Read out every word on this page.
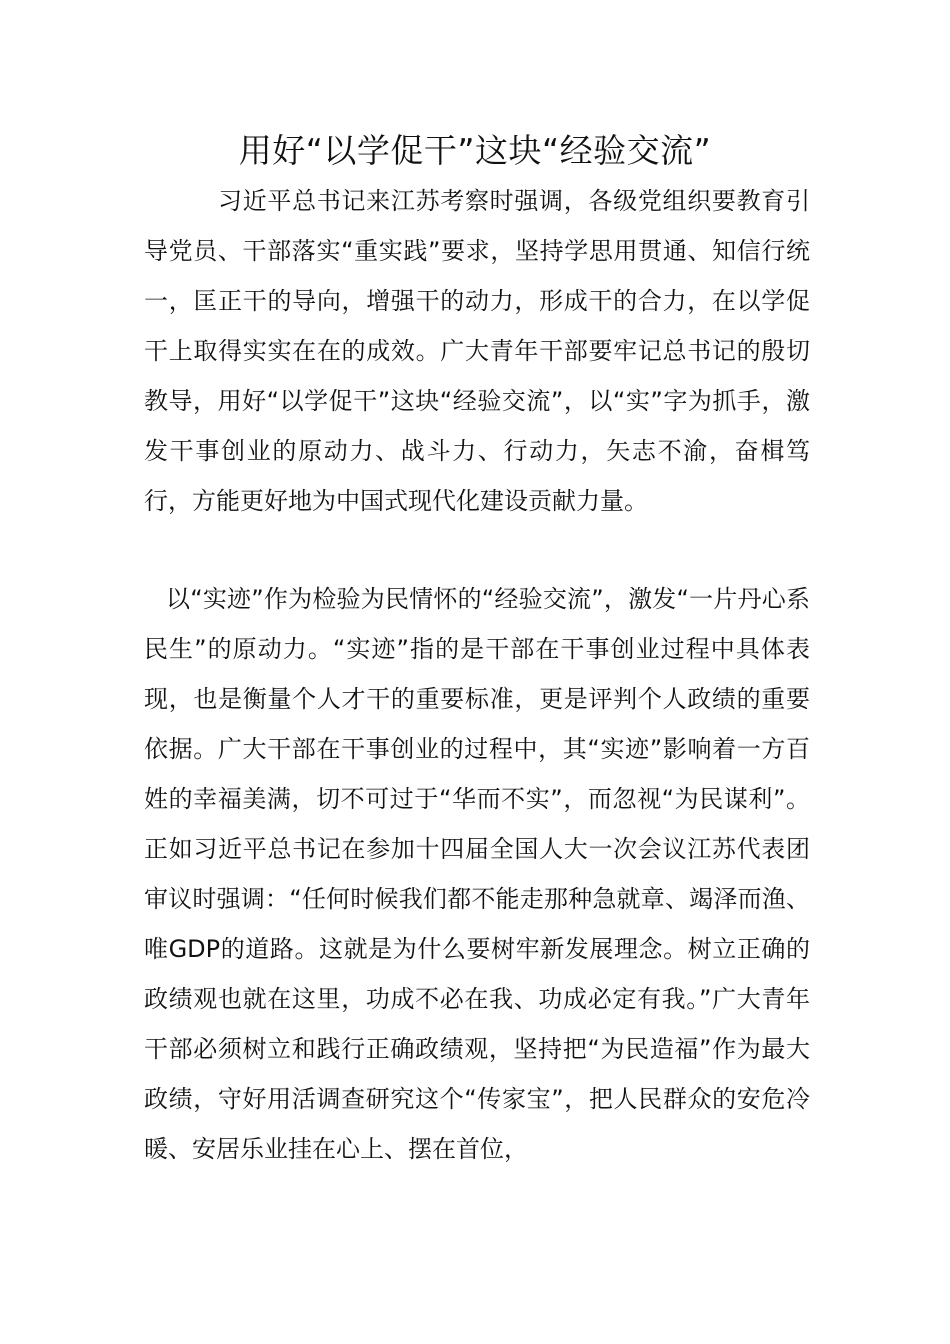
用好“以学促干”这块“经验交流”

习近平总书记来江苏考察时强调，各级党组织要教育引导党员、干部落实“重实践”要求，坚持学思用贯通、知信行统一，匡正干的导向，增强干的动力，形成干的合力，在以学促干上取得实实在在的成效。广大青年干部要牢记总书记的殷切教导，用好“以学促干”这块“经验交流”，以“实”字为抓手，激发干事创业的原动力、战斗力、行动力，矢志不渝，奋楫笃行，方能更好地为中国式现代化建设贡献力量。

以“实迹”作为检验为民情怀的“经验交流”，激发“一片丹心系民生”的原动力。“实迹”指的是干部在干事创业过程中具体表现，也是衡量个人才干的重要标准，更是评判个人政绩的重要依据。广大干部在干事创业的过程中，其“实迹”影响着一方百姓的幸福美满，切不可过于“华而不实”，而忽视“为民谋利”。正如习近平总书记在参加十四届全国人大一次会议江苏代表团审议时强调：“任何时候我们都不能走那种急就章、竭泽而渔、唯GDP的道路。这就是为什么要树牢新发展理念。树立正确的政绩观也就在这里，功成不必在我、功成必定有我。”广大青年干部必须树立和践行正确政绩观，坚持把“为民造福”作为最大政绩，守好用活调查研究这个“传家宝”，把人民群众的安危冷暖、安居乐业挂在心上、摆在首位，
